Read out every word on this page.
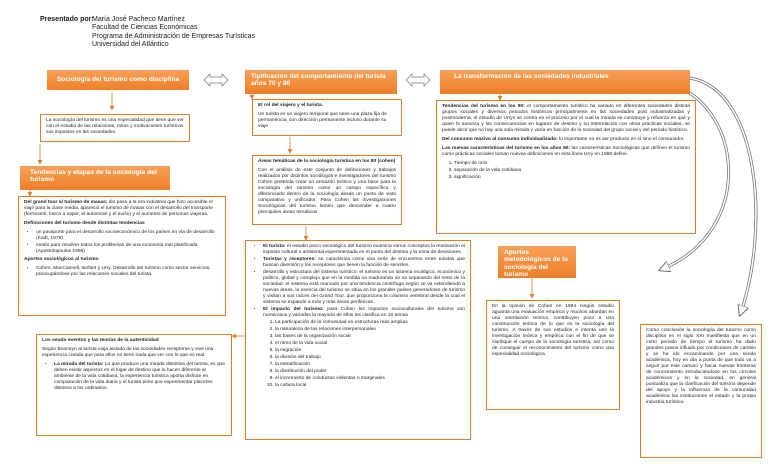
Presentado por:
María José Pacheco Martínez
Facultad de Ciencias Económicas
Programa de Administración de Empresas Turísticas
Universidad del Atlántico
Sociología del turismo como disciplina	Tipificación del comportamiento del turista años 70 y 80
La transformación de las sociedades industriales
Tendencias y etapas de la sociología del turismo
Aportes metodológicos de la sociología del turismo
La sociología del turismo es una especialidad que tiene que ver con el estudio de las relaciones, mitos y motivaciones turísticas sus impactos en las sociedades.

El rol del viajero y el turista.

Un turista es un viajero temporal que tiene una plaza fija de permanencia, con dirección permanente incluso durante su viaje

Áreas temáticas de la sociología turística en los 80 (cohen)

Con el análisis de este conjunto de definiciones y trabajos realizados por distintos sociólogos e investigadores del turismo Cohen pretenda crear un armazón teórico y una base para la sociología del turismo como un campo específico y diferenciado dentro de la sociología desde un punto de vista comparativo y unificador. Para Cohen las investigaciones Sociológicas del turismo tienen que descender a cuatro principales áreas temáticas

Tendencias del turismo en los 90: el comportamiento turístico ha variado en diferentes sociedades distinta grupos sociales y diversos periodos históricos principalmente en las sociedades post industrializadas y postmoderna, el estudio de Urrys se centra en el proceso por el cual la mirada se construye y refuerza en qué y quien lo autoriza y las consecuencias en lugares de destino y su interrelación con otras prácticas sociales, se puede decir que no hay una sola mirada y varía en función de la sociedad del grupo social y del periodo histórico.

Del consumo masivo al consumo individualizado: lo importante no es ser producto en sí sino el consumidor.

Las nuevas características del turismo en los años 90: las características Sociológicas que definen el turismo como prácticas sociales toman nuevas definiciones en esta línea Urry en 1990 define.

1. Tiempo de ocio
2. separación de la vida cotidiana
3. significación

Del grand tour al turismo de masas: dio paso a la era industrial que hizo accesible el viaje para la clase media, apareció el turismo de masas con el desarrollo del transporte (ferrocarril, barco a vapor, el automóvil y el avión) y el aumento de personas viajeras.

Definiciones del turismo desde distintas tendencias

• un pasaporte para el desarrollo socioeconómico de los países en vía de desarrollo (Kadt, 1979)
• medio para resolver todos los problemas de una economía mal planificada (Apostolopoulos 1996)

Aportes sociológicos al turismo

• Cohen, MacCannell, lanfant y Urry. Desarrollo del turismo como sector servicios, preocupándose por las relaciones sociales del turista.
• El turista: el estudio psico sociológico del turismo examina varios conceptos la motivación el impacto cultural o ambiental experimentada en el punto del destino y la toma de decisiones.
• Turistas y receptores: se caracteriza como una serie de encuentros entre turistas que buscan diversión y los receptores que tienen la función de servirles.
• desarrollo y estructura del sistema turístico: el turismo es un sistema ecológico, económico y político, global y complejo que en la medida va madurando se va separando del resto de la sociedad. el sistema está marcado por una tendencia centrífuga según se va extendiendo a nuevas áreas, la esencia del turismo se sitúa en los grandes países generadores de turismo y visitan a sus raíces del Grand Tour. que proporciona la columna vertebral desde la cual el sistema se expande a más y más áreas periféricas.
• El impacto del turismo: para Cohen los impactos socioculturales del turismo son numerosos y variados la mayoría de ellos los clasifica en 10 temas
1. La participación de la comunidad en estructuras más amplias
2. la naturaleza de las relaciones interpersonales
3. las bases de la organización social
4. el ritmo de la vida social
5. la migración
6. la división del trabajo
7. la estratificación
8. la distribución del poder
9. el incremento de conductas violentas o marginales
10. la cultura local

Los seudo eventos y las teorías de la autenticidad

Según Boorstyn al turista viaja aislado de las sociedades receptoras y vive una experiencia creada que para ellos no tiene nada que ver con lo que es real.

• La mirada del turista: Lo que produce una mirada distintiva del turista, es que deben existir aspectos en el lugar de destino que lo hacen diferente al ambiente de la vida cotidiana, la experiencia turística aporta disfrute en comparación de la vida diaria y el turista tiene que experimentar placeres distintos a los ordinarios.
En la opinión de Cohen en 1984 ningún estudio aguanta una evaluación empírica y muchos abordan en una orientación teórica, contribuyen poco a una construcción teórica de lo que es la sociología del turismo. A través de sus estudios e intenta unir la investigación teórica y empírica con el fin de que se clarifique el campo de la sociología turística, así como de conseguir el reconocimiento del turismo como una especialidad sociológica.
Como conclusión la sociología del turismo como disciplina en el siglo XXI manifiesta que en un corto periodo de tiempo el turismo ha dado grandes pasos influido por condiciones de cambio y se ha ido encaminando por una senda académica, hoy en día a punta de que todo va a seguir por este camino y hacia nuevas fronteras de conocimiento introduciéndose en los círculos académicos y en la sociedad, en general puntualiza que la clarificación del turismo depende del apoyo y la influencia de la comunidad académica las instituciones el estado y la propia industria turística.
